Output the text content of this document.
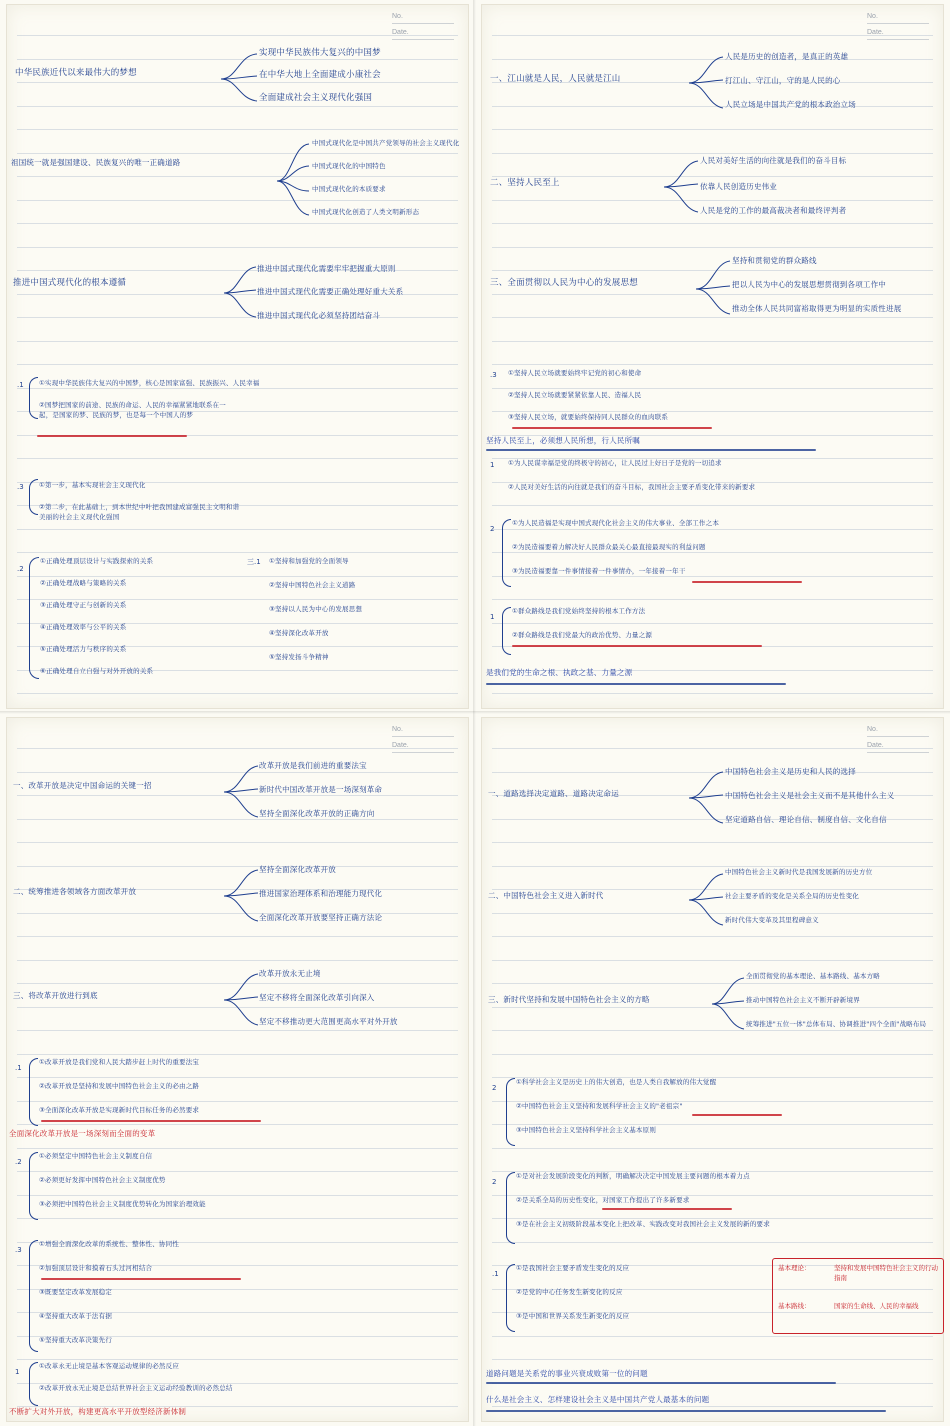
No.
Date.
中华民族近代以来最伟大的梦想
实现中华民族伟大复兴的中国梦
在中华大地上全面建成小康社会
全面建成社会主义现代化强国
祖国统一就是强国建设、民族复兴的唯一正确道路
中国式现代化是中国共产党领导的社会主义现代化
中国式现代化的中国特色
中国式现代化的本质要求
中国式现代化创造了人类文明新形态
推进中国式现代化的根本遵循
推进中国式现代化需要牢牢把握重大原则
推进中国式现代化需要正确处理好重大关系
推进中国式现代化必须坚持团结奋斗
.1 ①实现中华民族伟大复兴的中国梦，核心是国家富强、民族振兴、人民幸福
②国梦把国家的前途、民族的命运、人民的幸福紧紧地联系在一起，是国家的梦、民族的梦，也是每一个中国人的梦
.3 ①第一步，基本实现社会主义现代化
②第二步，在此基础上，到本世纪中叶把我国建成富强民主文明和谐美丽的社会主义现代化强国
.2
①正确处理顶层设计与实践探索的关系
②正确处理战略与策略的关系
③正确处理守正与创新的关系
④正确处理效率与公平的关系
⑤正确处理活力与秩序的关系
⑥正确处理自立自强与对外开放的关系
三.1 ①坚持和加强党的全面领导
②坚持中国特色社会主义道路
③坚持以人民为中心的发展思想
④坚持深化改革开放
⑤坚持发扬斗争精神
No.
Date.
一、江山就是人民，人民就是江山
人民是历史的创造者，是真正的英雄
打江山、守江山，守的是人民的心
人民立场是中国共产党的根本政治立场
二、坚持人民至上
人民对美好生活的向往就是我们的奋斗目标
依靠人民创造历史伟业
人民是党的工作的最高裁决者和最终评判者
三、全面贯彻以人民为中心的发展思想
坚持和贯彻党的群众路线
把以人民为中心的发展思想贯彻到各项工作中
推动全体人民共同富裕取得更为明显的实质性进展
.3 ①坚持人民立场就要始终牢记党的初心和使命
②坚持人民立场就要紧紧依靠人民、造福人民
③坚持人民立场，就要始终保持同人民群众的血肉联系
坚持人民至上，必须想人民所想，行人民所嘱
1 ①为人民谋幸福是党的终极守的初心，让人民过上好日子是党的一切追求
②人民对美好生活的向往就是我们的奋斗目标，我国社会主要矛盾变化带来的新要求
2
①为人民造福是实现中国式现代化社会主义的伟大事业、全部工作之本
②为民造福要着力解决好人民群众最关心最直接最现实的利益问题
③为民造福要靠一件事情接着一件事情办，一年接着一年干
1
①群众路线是我们党始终坚持的根本工作方法
②群众路线是我们党最大的政治优势、力量之源
是我们党的生命之根、执政之基、力量之源
No.
Date.
一、改革开放是决定中国命运的关键一招
改革开放是我们前进的重要法宝
新时代中国改革开放是一场深刻革命
坚持全面深化改革开放的正确方向
二、统筹推进各领域各方面改革开放
坚持全面深化改革开放
推进国家治理体系和治理能力现代化
全面深化改革开放要坚持正确方法论
三、将改革开放进行到底
改革开放永无止境
坚定不移将全面深化改革引向深入
坚定不移推动更大范围更高水平对外开放
.1
①改革开放是我们党和人民大踏步赶上时代的重要法宝
②改革开放是坚持和发展中国特色社会主义的必由之路
③全面深化改革开放是实现新时代目标任务的必然要求
全面深化改革开放是一场深刻而全面的变革
.2
①必须坚定中国特色社会主义制度自信
②必须更好发挥中国特色社会主义制度优势
③必须把中国特色社会主义制度优势转化为国家治理效能
.3
①增强全面深化改革的系统性、整体性、协同性
②加强顶层设计和摸着石头过河相结合
③既要坚定改革发展稳定
④坚持重大改革于法有据
⑤坚持重大改革决策先行
1
①改革永无止境是基本客观运动规律的必然反应
②改革开放永无止境是总结世界社会主义运动经验教训的必然总结
不断扩大对外开放，构建更高水平开放型经济新体制
No.
Date.
一、道路选择决定道路、道路决定命运
中国特色社会主义是历史和人民的选择
中国特色社会主义是社会主义而不是其他什么主义
坚定道路自信、理论自信、制度自信、文化自信
二、中国特色社会主义进入新时代
中国特色社会主义新时代是我国发展新的历史方位
社会主要矛盾的变化是关系全局的历史性变化
新时代伟大变革及其里程碑意义
三、新时代坚持和发展中国特色社会主义的方略
全面贯彻党的基本理论、基本路线、基本方略
推动中国特色社会主义不断开辟新境界
统筹推进"五位一体"总体布局、协调推进"四个全面"战略布局
2
①科学社会主义是历史上的伟大创造，也是人类自我解放的伟大觉醒
②中国特色社会主义坚持和发展科学社会主义的"老祖宗"
③中国特色社会主义坚持科学社会主义基本原则
2
①是对社会发展阶段变化的判断，明确解决决定中国发展主要问题的根本着力点
②是关系全局的历史性变化，对国家工作提出了许多新要求
③是在社会主义初级阶段基本变化上把改革、实践改变对我国社会主义发展的新的要求
.1
①是我国社会主要矛盾发生变化的反应
②是党的中心任务发生新变化的反应
③是中国和世界关系发生新变化的反应
基本理论：	坚持和发展中国特色社会主义的行动指南
基本路线：	国家的生命线、人民的幸福线
道路问题是关系党的事业兴衰成败第一位的问题
什么是社会主义、怎样建设社会主义是中国共产党人最基本的问题
